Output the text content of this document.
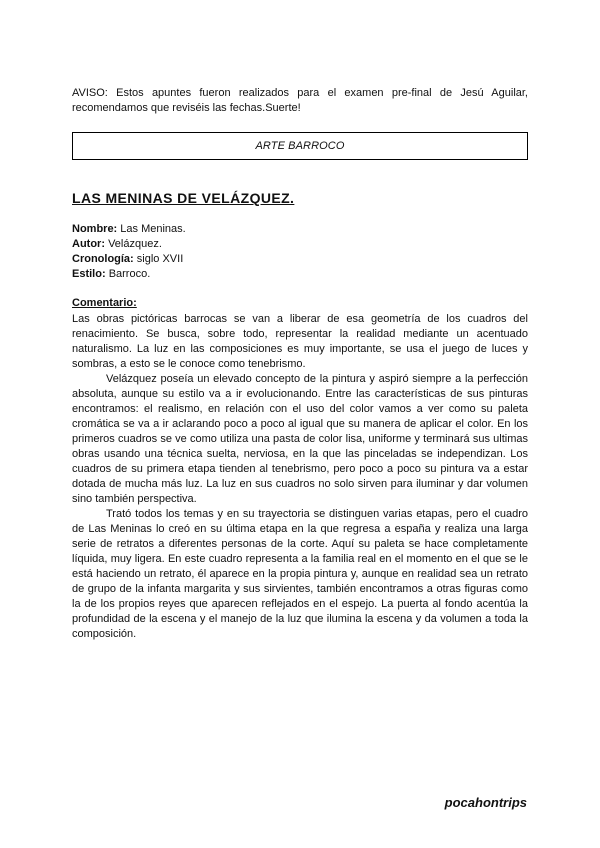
AVISO: Estos apuntes fueron realizados para el examen pre-final de Jesú Aguilar, recomendamos que reviséis las fechas.Suerte!
ARTE BARROCO
LAS MENINAS DE VELÁZQUEZ.
Nombre: Las Meninas.
Autor: Velázquez.
Cronología: siglo XVII
Estilo: Barroco.
Comentario:

Las obras pictóricas barrocas se van a liberar de esa geometría de los cuadros del renacimiento. Se busca, sobre todo, representar la realidad mediante un acentuado naturalismo. La luz en las composiciones es muy importante, se usa el juego de luces y sombras, a esto se le conoce como tenebrismo.

Velázquez poseía un elevado concepto de la pintura y aspiró siempre a la perfección absoluta, aunque su estilo va a ir evolucionando. Entre las características de sus pinturas encontramos: el realismo, en relación con el uso del color vamos a ver como su paleta cromática se va a ir aclarando poco a poco al igual que su manera de aplicar el color. En los primeros cuadros se ve como utiliza una pasta de color lisa, uniforme y terminará sus ultimas obras usando una técnica suelta, nerviosa, en la que las pinceladas se independizan. Los cuadros de su primera etapa tienden al tenebrismo, pero poco a poco su pintura va a estar dotada de mucha más luz. La luz en sus cuadros no solo sirven para iluminar y dar volumen sino también perspectiva.

Trató todos los temas y en su trayectoria se distinguen varias etapas, pero el cuadro de Las Meninas lo creó en su última etapa en la que regresa a españa y realiza una larga serie de retratos a diferentes personas de la corte. Aquí su paleta se hace completamente líquida, muy ligera. En este cuadro representa a la familia real en el momento en el que se le está haciendo un retrato, él aparece en la propia pintura y, aunque en realidad sea un retrato de grupo de la infanta margarita y sus sirvientes, también encontramos a otras figuras como la de los propios reyes que aparecen reflejados en el espejo. La puerta al fondo acentúa la profundidad de la escena y el manejo de la luz que ilumina la escena y da volumen a toda la composición.

pocahontrips
